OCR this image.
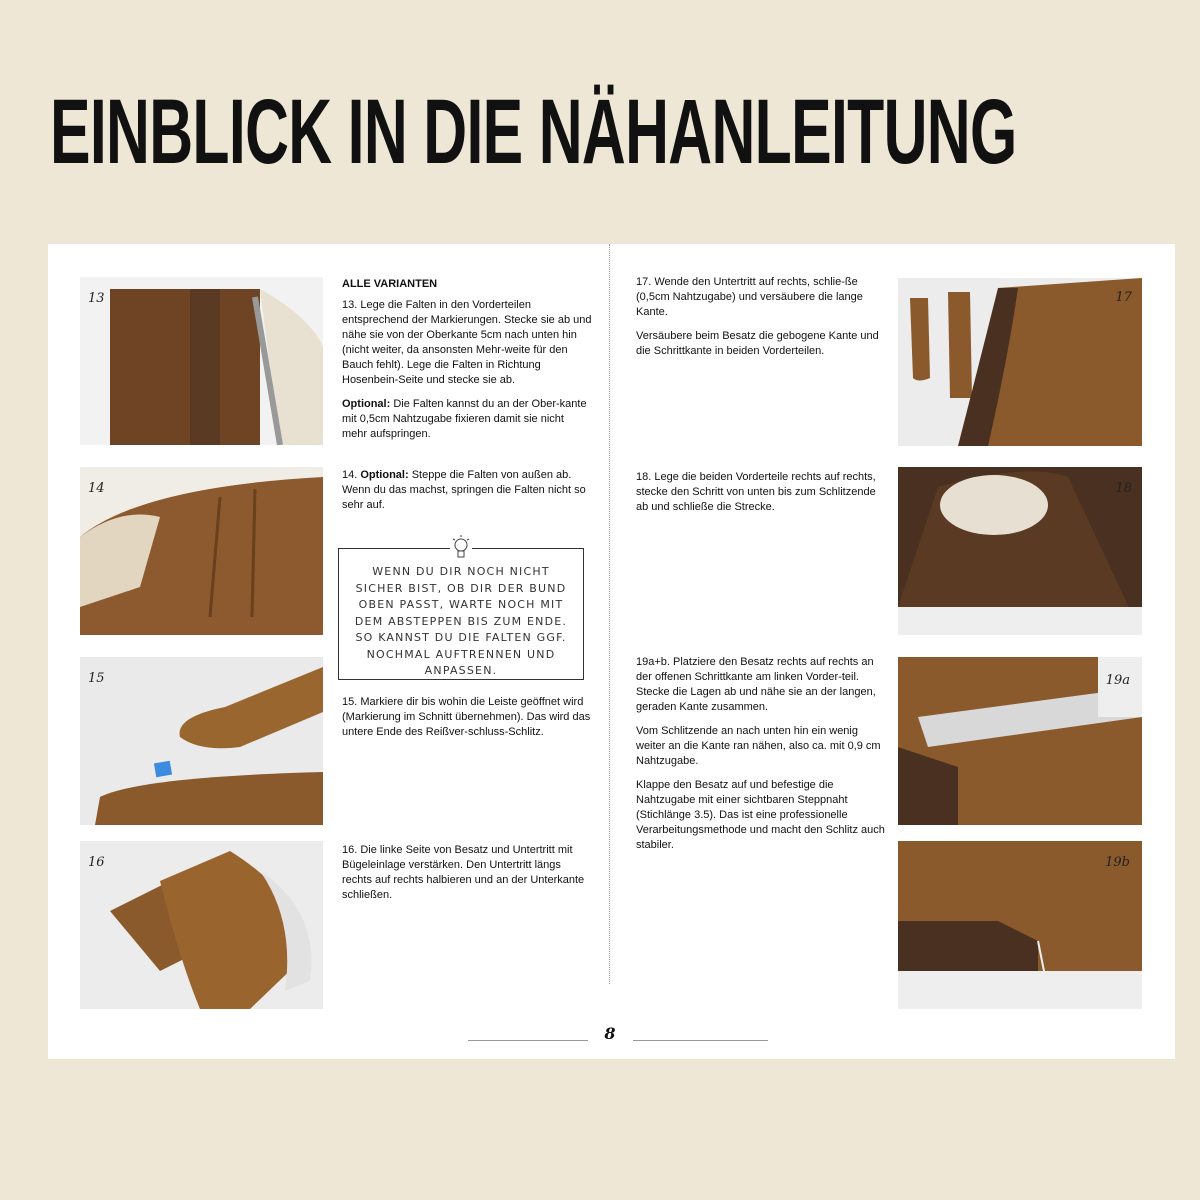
EINBLICK IN DIE NÄHANLEITUNG
13
14
15
16
ALLE VARIANTEN

13. Lege die Falten in den Vorderteilen entsprechend der Markierungen. Stecke sie ab und nähe sie von der Oberkante 5cm nach unten hin (nicht weiter, da ansonsten Mehr-weite für den Bauch fehlt). Lege die Falten in Richtung Hosenbein-Seite und stecke sie ab.

Optional: Die Falten kannst du an der Ober-kante mit 0,5cm Nahtzugabe fixieren damit sie nicht mehr aufspringen.

14. Optional: Steppe die Falten von außen ab. Wenn du das machst, springen die Falten nicht so sehr auf.

WENN DU DIR NOCH NICHT SICHER BIST, OB DIR DER BUND OBEN PASST, WARTE NOCH MIT DEM ABSTEPPEN BIS ZUM ENDE. SO KANNST DU DIE FALTEN GGF. NOCHMAL AUFTRENNEN UND ANPASSEN.

15. Markiere dir bis wohin die Leiste geöffnet wird (Markierung im Schnitt übernehmen). Das wird das untere Ende des Reißver-schluss-Schlitz.

16. Die linke Seite von Besatz und Untertritt mit Bügeleinlage verstärken. Den Untertritt längs rechts auf rechts halbieren und an der Unterkante schließen.

17. Wende den Untertritt auf rechts, schlie-ße (0,5cm Nahtzugabe) und versäubere die lange Kante.

Versäubere beim Besatz die gebogene Kante und die Schrittkante in beiden Vorderteilen.

18. Lege die beiden Vorderteile rechts auf rechts, stecke den Schritt von unten bis zum Schlitzende ab und schließe die Strecke.

19a+b. Platziere den Besatz rechts auf rechts an der offenen Schrittkante am linken Vorder-teil. Stecke die Lagen ab und nähe sie an der langen, geraden Kante zusammen.

Vom Schlitzende an nach unten hin ein wenig weiter an die Kante ran nähen, also ca. mit 0,9 cm Nahtzugabe.

Klappe den Besatz auf und befestige die Nahtzugabe mit einer sichtbaren Steppnaht (Stichlänge 3.5). Das ist eine professionelle Verarbeitungsmethode und macht den Schlitz auch stabiler.

17
18
19a
19b
8
